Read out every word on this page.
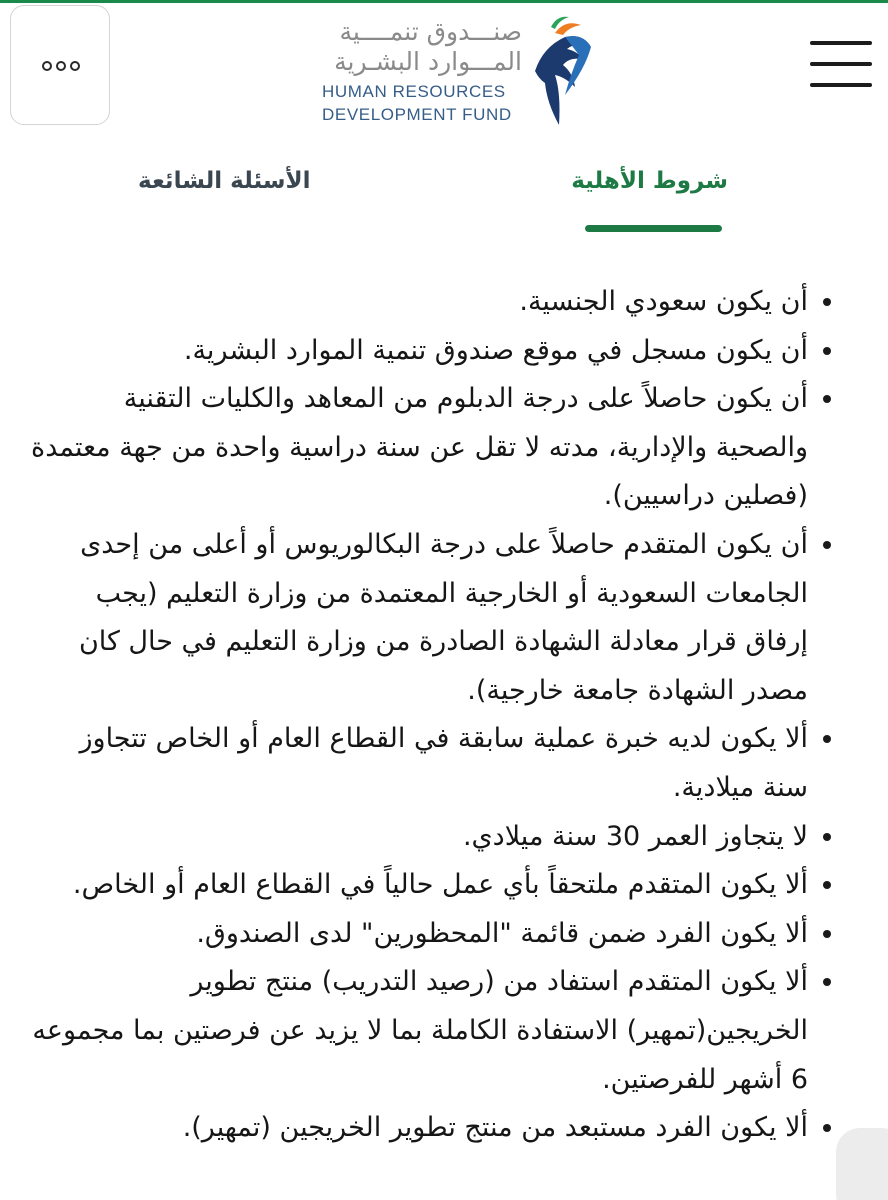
صنـــدوق تنمــــية
المـــوارد البشـرية
HUMAN RESOURCES
DEVELOPMENT FUND
شروط الأهلية
الأسئلة الشائعة
• أن يكون سعودي الجنسية.
• أن يكون مسجل في موقع صندوق تنمية الموارد البشرية.
• أن يكون حاصلاً على درجة الدبلوم من المعاهد والكليات التقنية والصحية والإدارية، مدته لا تقل عن سنة دراسية واحدة من جهة معتمدة (فصلين دراسيين).
• أن يكون المتقدم حاصلاً على درجة البكالوريوس أو أعلى من إحدى الجامعات السعودية أو الخارجية المعتمدة من وزارة التعليم (يجب إرفاق قرار معادلة الشهادة الصادرة من وزارة التعليم في حال كان مصدر الشهادة جامعة خارجية).
• ألا يكون لديه خبرة عملية سابقة في القطاع العام أو الخاص تتجاوز سنة ميلادية.
• لا يتجاوز العمر 30 سنة ميلادي.
• ألا يكون المتقدم ملتحقاً بأي عمل حالياً في القطاع العام أو الخاص.
• ألا يكون الفرد ضمن قائمة "المحظورين" لدى الصندوق.
• ألا يكون المتقدم استفاد من (رصيد التدريب) منتج تطوير الخريجين(تمهير) الاستفادة الكاملة بما لا يزيد عن فرصتين بما مجموعه 6 أشهر للفرصتين.
• ألا يكون الفرد مستبعد من منتج تطوير الخريجين (تمهير).
